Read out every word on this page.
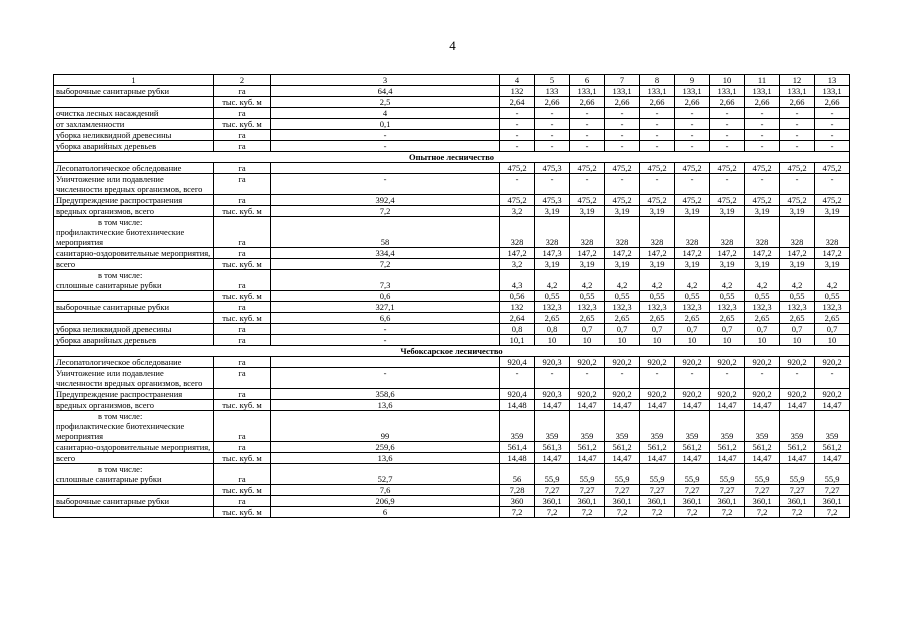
4
1	2	3	4	5	6	7	8	9	10	11	12	13
выборочные санитарные рубки	га	64,4	132	133	133,1	133,1	133,1	133,1	133,1	133,1	133,1	133,1
	тыс. куб. м	2,5	2,64	2,66	2,66	2,66	2,66	2,66	2,66	2,66	2,66	2,66
очистка лесных насаждений	га	4	-	-	-	-	-	-	-	-	-	-
от захламленности	тыс. куб. м	0,1	-	-	-	-	-	-	-	-	-	-
уборка неликвидной древесины	га	-	-	-	-	-	-	-	-	-	-	-
уборка аварийных деревьев	га	-	-	-	-	-	-	-	-	-	-	-
Опытное лесничество												
Лесопатологическое обследование	га		475,2	475,3	475,2	475,2	475,2	475,2	475,2	475,2	475,2	475,2
Уничтожение или подавление численности вредных организмов, всего	га	-	-	-	-	-	-	-	-	-	-	-
Предупреждение распространения	га	392,4	475,2	475,3	475,2	475,2	475,2	475,2	475,2	475,2	475,2	475,2
вредных организмов, всего	тыс. куб. м	7,2	3,2	3,19	3,19	3,19	3,19	3,19	3,19	3,19	3,19	3,19

в том числе:
профилактические биотехнические мероприятия	га	58	328	328	328	328	328	328	328	328	328	328
санитарно-оздоровительные мероприятия,	га	334,4	147,2	147,3	147,2	147,2	147,2	147,2	147,2	147,2	147,2	147,2
всего	тыс. куб. м	7,2	3,2	3,19	3,19	3,19	3,19	3,19	3,19	3,19	3,19	3,19

в том числе:
сплошные санитарные рубки	га	7,3	4,3	4,2	4,2	4,2	4,2	4,2	4,2	4,2	4,2	4,2
	тыс. куб. м	0,6	0,56	0,55	0,55	0,55	0,55	0,55	0,55	0,55	0,55	0,55
выборочные санитарные рубки	га	327,1	132	132,3	132,3	132,3	132,3	132,3	132,3	132,3	132,3	132,3
	тыс. куб. м	6,6	2,64	2,65	2,65	2,65	2,65	2,65	2,65	2,65	2,65	2,65
уборка неликвидной древесины	га	-	0,8	0,8	0,7	0,7	0,7	0,7	0,7	0,7	0,7	0,7
уборка аварийных деревьев	га	-	10,1	10	10	10	10	10	10	10	10	10
Чебоксарское лесничество												
Лесопатологическое обследование	га		920,4	920,3	920,2	920,2	920,2	920,2	920,2	920,2	920,2	920,2
Уничтожение или подавление численности вредных организмов, всего	га	-	-	-	-	-	-	-	-	-	-	-
Предупреждение распространения	га	358,6	920,4	920,3	920,2	920,2	920,2	920,2	920,2	920,2	920,2	920,2
вредных организмов, всего	тыс. куб. м	13,6	14,48	14,47	14,47	14,47	14,47	14,47	14,47	14,47	14,47	14,47

в том числе:
профилактические биотехнические мероприятия	га	99	359	359	359	359	359	359	359	359	359	359
санитарно-оздоровительные мероприятия,	га	259,6	561,4	561,3	561,2	561,2	561,2	561,2	561,2	561,2	561,2	561,2
всего	тыс. куб. м	13,6	14,48	14,47	14,47	14,47	14,47	14,47	14,47	14,47	14,47	14,47

в том числе:
сплошные санитарные рубки	га	52,7	56	55,9	55,9	55,9	55,9	55,9	55,9	55,9	55,9	55,9
	тыс. куб. м	7,6	7,28	7,27	7,27	7,27	7,27	7,27	7,27	7,27	7,27	7,27
выборочные санитарные рубки	га	206,9	360	360,1	360,1	360,1	360,1	360,1	360,1	360,1	360,1	360,1
	тыс. куб. м	6	7,2	7,2	7,2	7,2	7,2	7,2	7,2	7,2	7,2	7,2
